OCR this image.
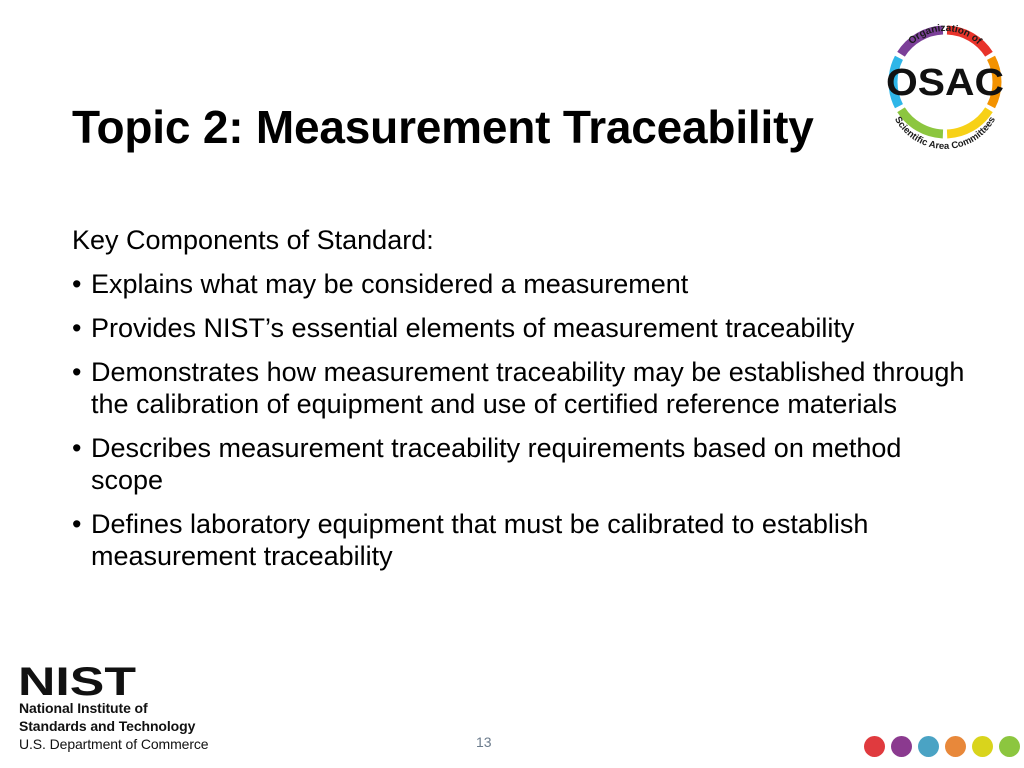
Topic 2: Measurement Traceability

Key Components of Standard:

• Explains what may be considered a measurement
• Provides NIST’s essential elements of measurement traceability
• Demonstrates how measurement traceability may be established through the calibration of equipment and use of certified reference materials
• Describes measurement traceability requirements based on method scope
• Defines laboratory equipment that must be calibrated to establish measurement traceability
Organization of
Scientific Area Committees
OSAC
NIST
National Institute of
Standards and Technology
U.S. Department of Commerce	13
